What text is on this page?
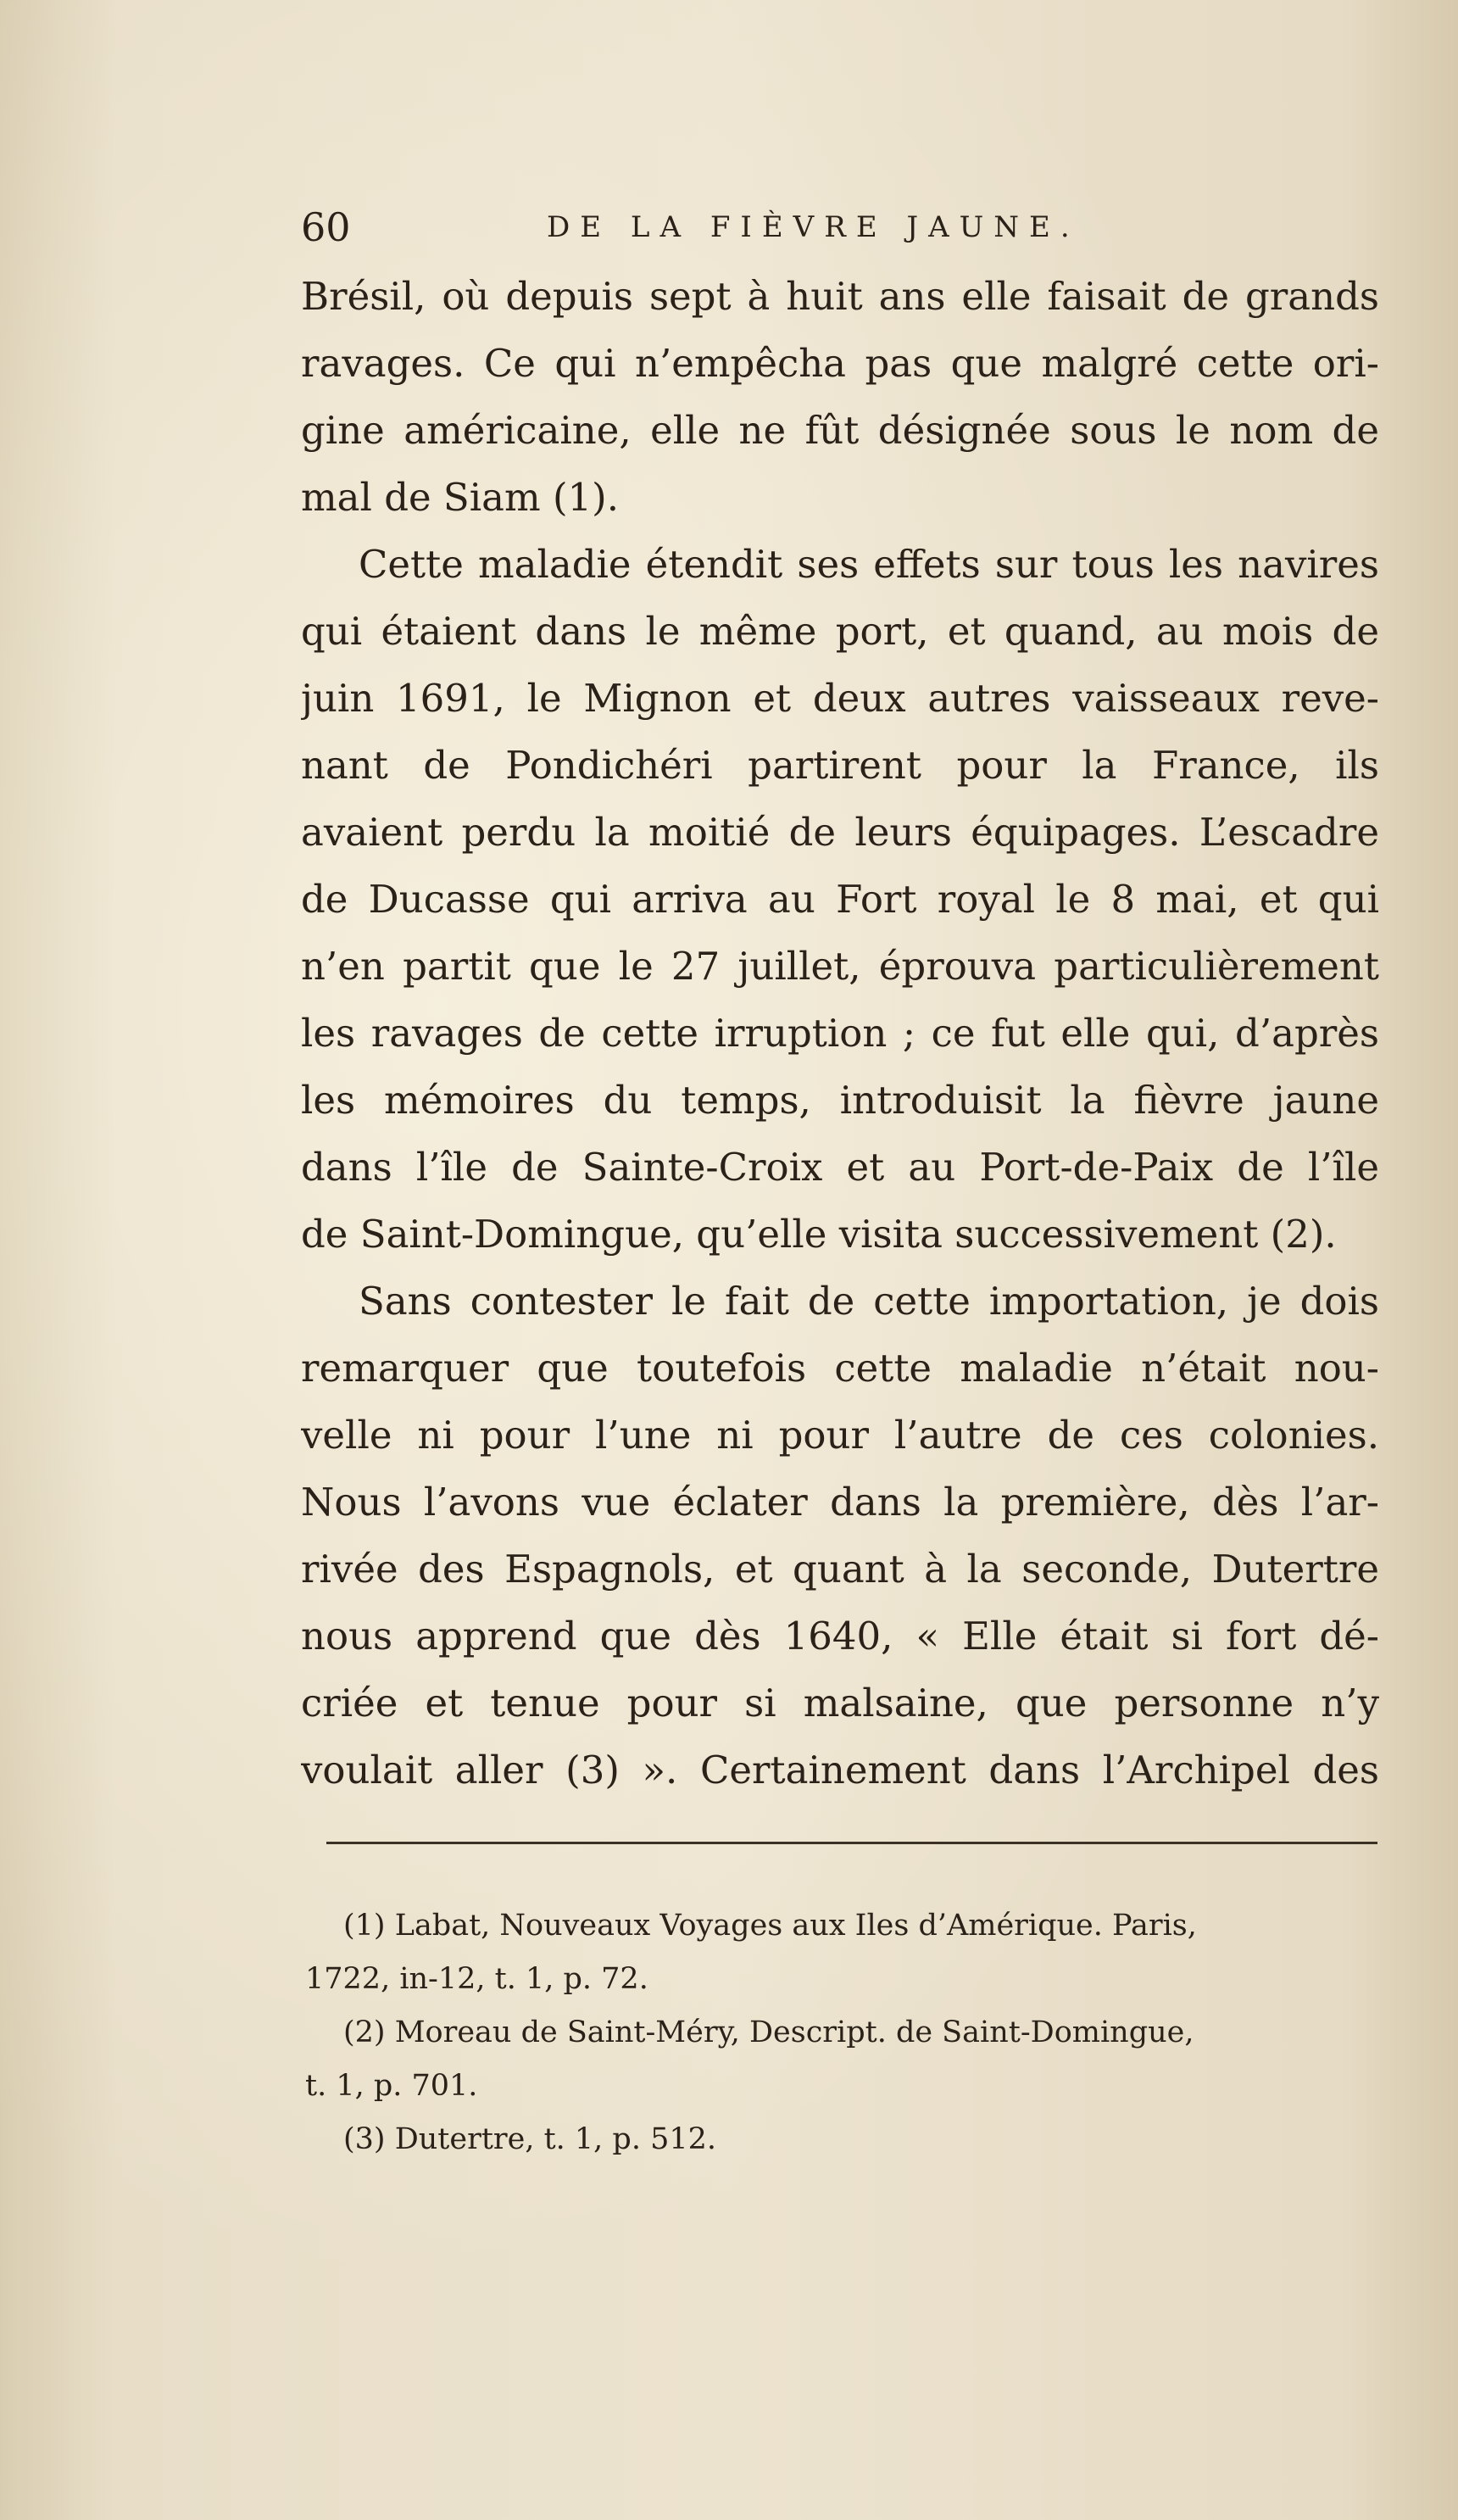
60	DE LA FIÈVRE JAUNE.
Brésil, où depuis sept à huit ans elle faisait de grands
ravages. Ce qui n’empêcha pas que malgré cette ori-
gine américaine, elle ne fût désignée sous le nom de
mal de Siam (1).
Cette maladie étendit ses effets sur tous les navires
qui étaient dans le même port, et quand, au mois de
juin 1691, le Mignon et deux autres vaisseaux reve-
nant de Pondichéri partirent pour la France, ils
avaient perdu la moitié de leurs équipages. L’escadre
de Ducasse qui arriva au Fort royal le 8 mai, et qui
n’en partit que le 27 juillet, éprouva particulièrement
les ravages de cette irruption ; ce fut elle qui, d’après
les mémoires du temps, introduisit la fièvre jaune
dans l’île de Sainte-Croix et au Port-de-Paix de l’île
de Saint-Domingue, qu’elle visita successivement (2).
Sans contester le fait de cette importation, je dois
remarquer que toutefois cette maladie n’était nou-
velle ni pour l’une ni pour l’autre de ces colonies.
Nous l’avons vue éclater dans la première, dès l’ar-
rivée des Espagnols, et quant à la seconde, Dutertre
nous apprend que dès 1640, « Elle était si fort dé-
criée et tenue pour si malsaine, que personne n’y
voulait aller (3) ». Certainement dans l’Archipel des
(1) Labat, Nouveaux Voyages aux Iles d’Amérique. Paris,
1722, in-12, t. 1, p. 72.
(2) Moreau de Saint-Méry, Descript. de Saint-Domingue,
t. 1, p. 701.
(3) Dutertre, t. 1, p. 512.
